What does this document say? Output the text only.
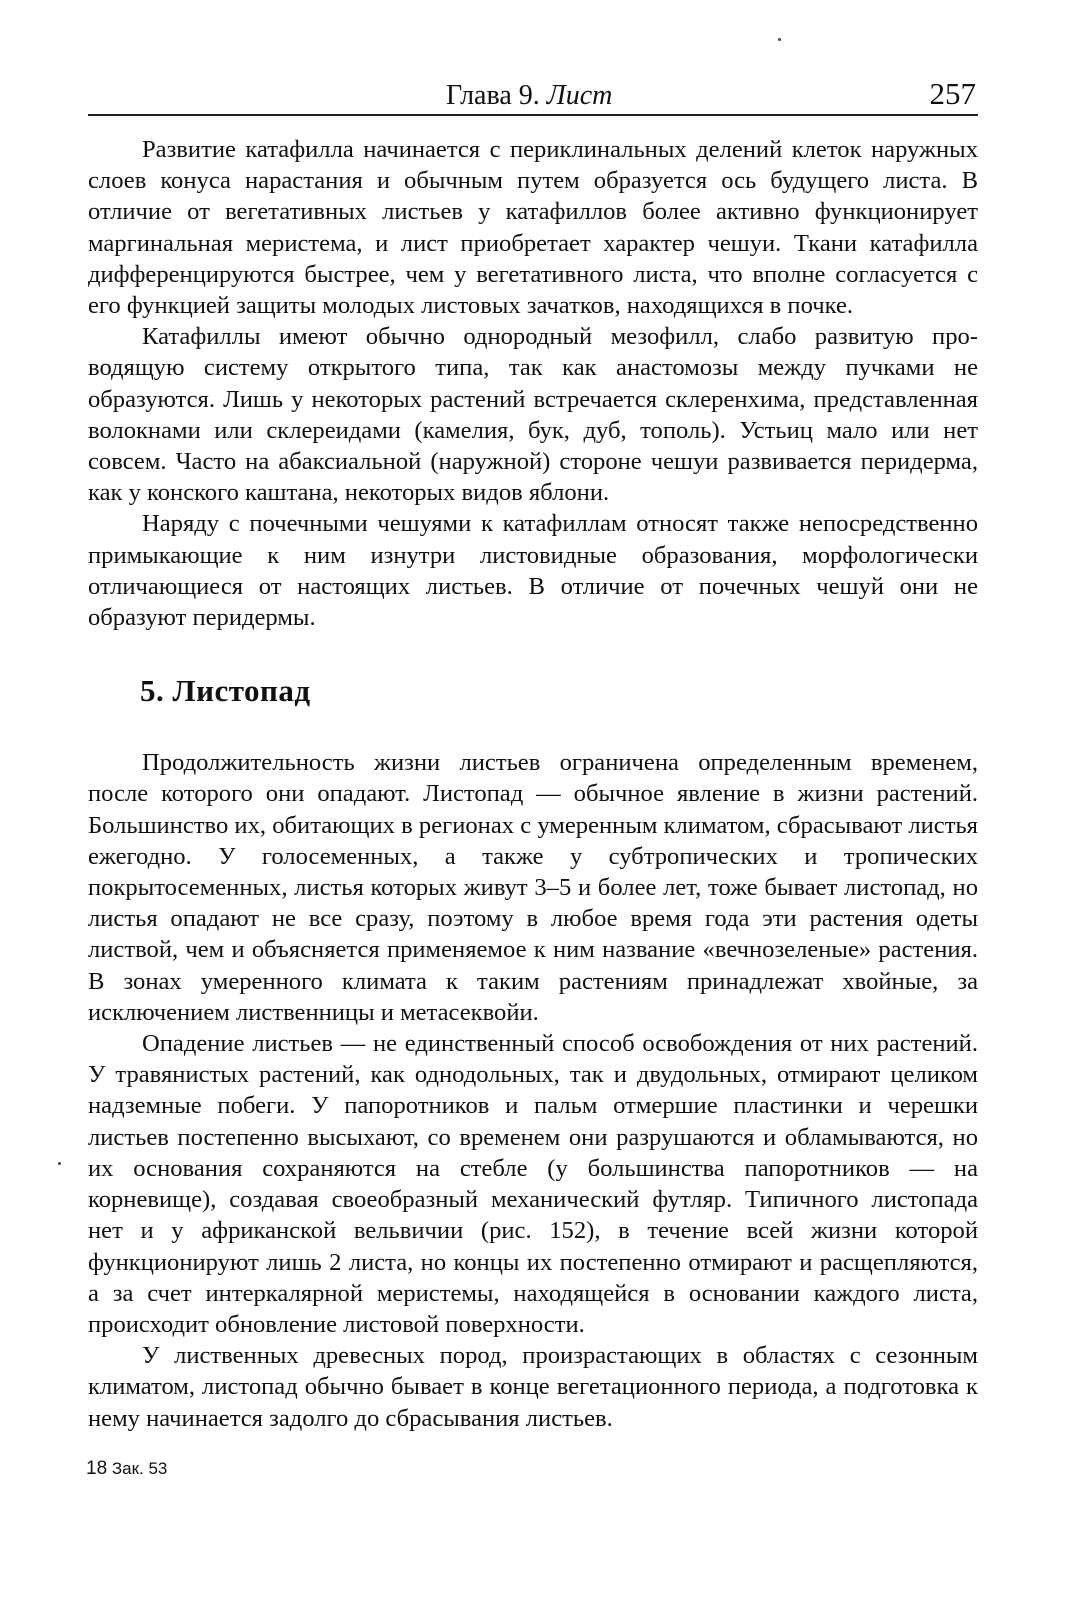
Глава 9. Лист	257

Развитие катафилла начинается с периклинальных делений клеток наружных слоев конуса нарастания и обычным путем образуется ось будущего листа. В отличие от вегетативных листьев у катафиллов более активно функционирует маргинальная меристема, и лист приобретает характер чешуи. Ткани катафилла дифференцируются быстрее, чем у вегетативного листа, что вполне согласуется с его функцией защиты молодых листовых зачатков, находящихся в почке.

Катафиллы имеют обычно однородный мезофилл, слабо развитую проводящую систему открытого типа, так как анастомозы между пучками не образуются. Лишь у некоторых растений встречается склеренхима, представленная волокнами или склереидами (камелия, бук, дуб, тополь). Устьиц мало или нет совсем. Часто на абаксиальной (наружной) стороне чешуи развивается перидерма, как у конского каштана, некоторых видов яблони.

Наряду с почечными чешуями к катафиллам относят также непосредственно примыкающие к ним изнутри листовидные образования, морфологически отличающиеся от настоящих листьев. В отличие от почечных чешуй они не образуют перидермы.

5. Листопад

Продолжительность жизни листьев ограничена определенным временем, после которого они опадают. Листопад — обычное явление в жизни растений. Большинство их, обитающих в регионах с умеренным климатом, сбрасывают листья ежегодно. У голосеменных, а также у субтропических и тропических покрытосеменных, листья которых живут 3–5 и более лет, тоже бывает листопад, но листья опадают не все сразу, поэтому в любое время года эти растения одеты листвой, чем и объясняется применяемое к ним название «вечнозеленые» растения. В зонах умеренного климата к таким растениям принадлежат хвойные, за исключением лиственницы и метасеквойи.

Опадение листьев — не единственный способ освобождения от них растений. У травянистых растений, как однодольных, так и двудольных, отмирают целиком надземные побеги. У папоротников и пальм отмершие пластинки и черешки листьев постепенно высыхают, со временем они разрушаются и обламываются, но их основания сохраняются на стебле (у большинства папоротников — на корневище), создавая своеобразный механический футляр. Типичного листопада нет и у африканской вельвичии (рис. 152), в течение всей жизни которой функционируют лишь 2 листа, но концы их постепенно отмирают и расщепляются, а за счет интеркалярной меристемы, находящейся в основании каждого листа, происходит обновление листовой поверхности.

У лиственных древесных пород, произрастающих в областях с сезонным климатом, листопад обычно бывает в конце вегетационного периода, а подготовка к нему начинается задолго до сбрасывания листьев.

18 Зак. 53
